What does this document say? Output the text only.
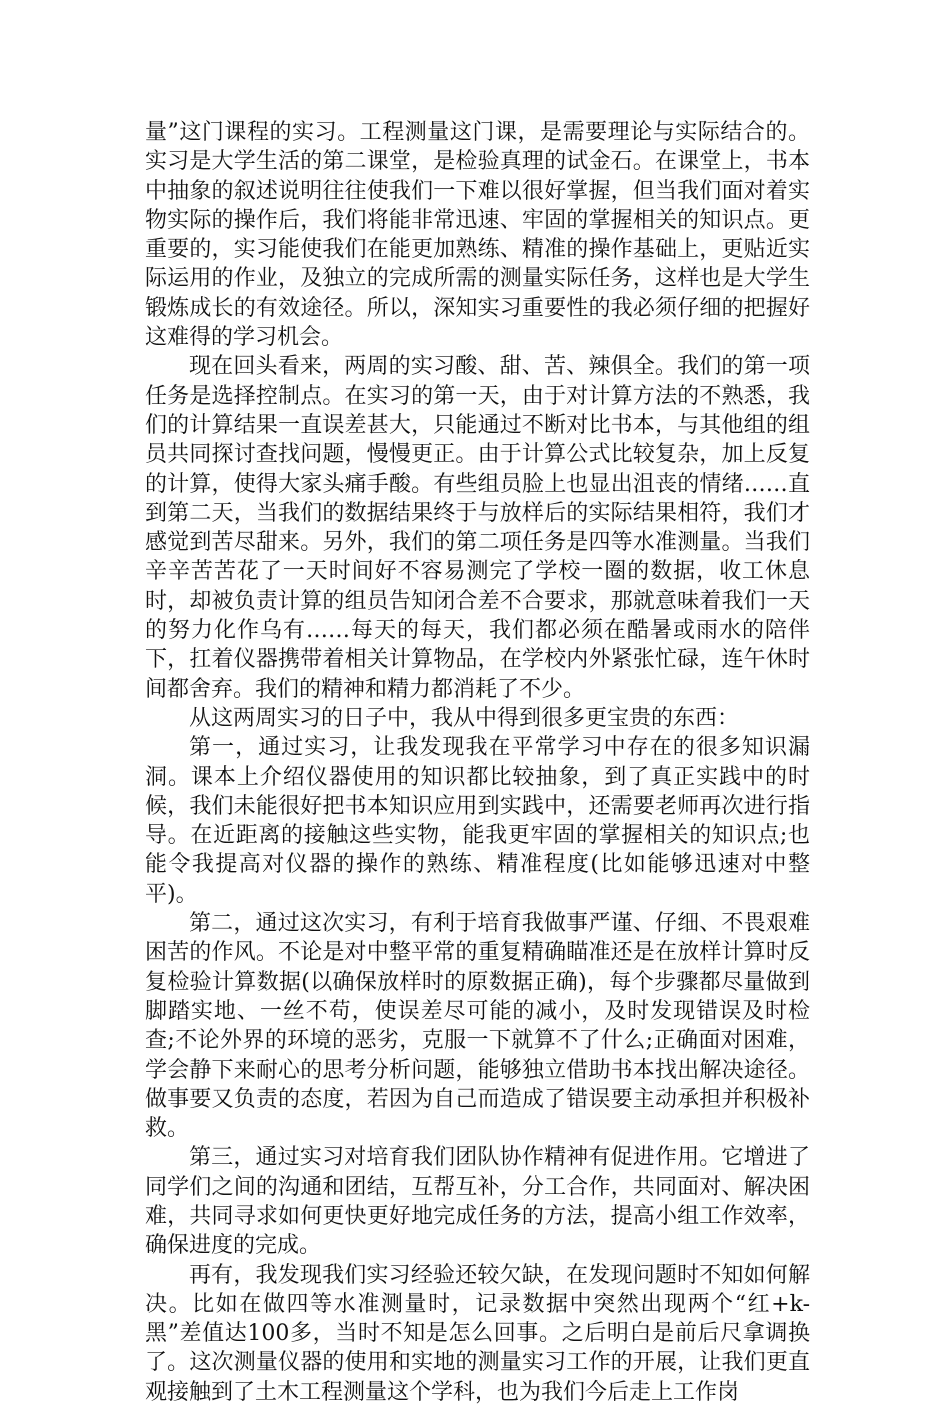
量”这门课程的实习。工程测量这门课，是需要理论与实际结合的。实习是大学生活的第二课堂，是检验真理的试金石。在课堂上，书本中抽象的叙述说明往往使我们一下难以很好掌握，但当我们面对着实物实际的操作后，我们将能非常迅速、牢固的掌握相关的知识点。更重要的，实习能使我们在能更加熟练、精准的操作基础上，更贴近实际运用的作业，及独立的完成所需的测量实际任务，这样也是大学生锻炼成长的有效途径。所以，深知实习重要性的我必须仔细的把握好这难得的学习机会。

现在回头看来，两周的实习酸、甜、苦、辣俱全。我们的第一项任务是选择控制点。在实习的第一天，由于对计算方法的不熟悉，我们的计算结果一直误差甚大，只能通过不断对比书本，与其他组的组员共同探讨查找问题，慢慢更正。由于计算公式比较复杂，加上反复的计算，使得大家头痛手酸。有些组员脸上也显出沮丧的情绪……直到第二天，当我们的数据结果终于与放样后的实际结果相符，我们才感觉到苦尽甜来。另外，我们的第二项任务是四等水准测量。当我们辛辛苦苦花了一天时间好不容易测完了学校一圈的数据，收工休息时，却被负责计算的组员告知闭合差不合要求，那就意味着我们一天的努力化作乌有……每天的每天，我们都必须在酷暑或雨水的陪伴下，扛着仪器携带着相关计算物品，在学校内外紧张忙碌，连午休时间都舍弃。我们的精神和精力都消耗了不少。

从这两周实习的日子中，我从中得到很多更宝贵的东西：

第一，通过实习，让我发现我在平常学习中存在的很多知识漏洞。课本上介绍仪器使用的知识都比较抽象，到了真正实践中的时候，我们未能很好把书本知识应用到实践中，还需要老师再次进行指导。在近距离的接触这些实物，能我更牢固的掌握相关的知识点;也能令我提高对仪器的操作的熟练、精准程度(比如能够迅速对中整平)。

第二，通过这次实习，有利于培育我做事严谨、仔细、不畏艰难困苦的作风。不论是对中整平常的重复精确瞄准还是在放样计算时反复检验计算数据(以确保放样时的原数据正确)，每个步骤都尽量做到脚踏实地、一丝不苟，使误差尽可能的减小，及时发现错误及时检查;不论外界的环境的恶劣，克服一下就算不了什么;正确面对困难，学会静下来耐心的思考分析问题，能够独立借助书本找出解决途径。做事要又负责的态度，若因为自己而造成了错误要主动承担并积极补救。

第三，通过实习对培育我们团队协作精神有促进作用。它增进了同学们之间的沟通和团结，互帮互补，分工合作，共同面对、解决困难，共同寻求如何更快更好地完成任务的方法，提高小组工作效率，确保进度的完成。

再有，我发现我们实习经验还较欠缺，在发现问题时不知如何解决。比如在做四等水准测量时，记录数据中突然出现两个“红+k-黑”差值达100多，当时不知是怎么回事。之后明白是前后尺拿调换了。这次测量仪器的使用和实地的测量实习工作的开展，让我们更直观接触到了土木工程测量这个学科，也为我们今后走上工作岗
